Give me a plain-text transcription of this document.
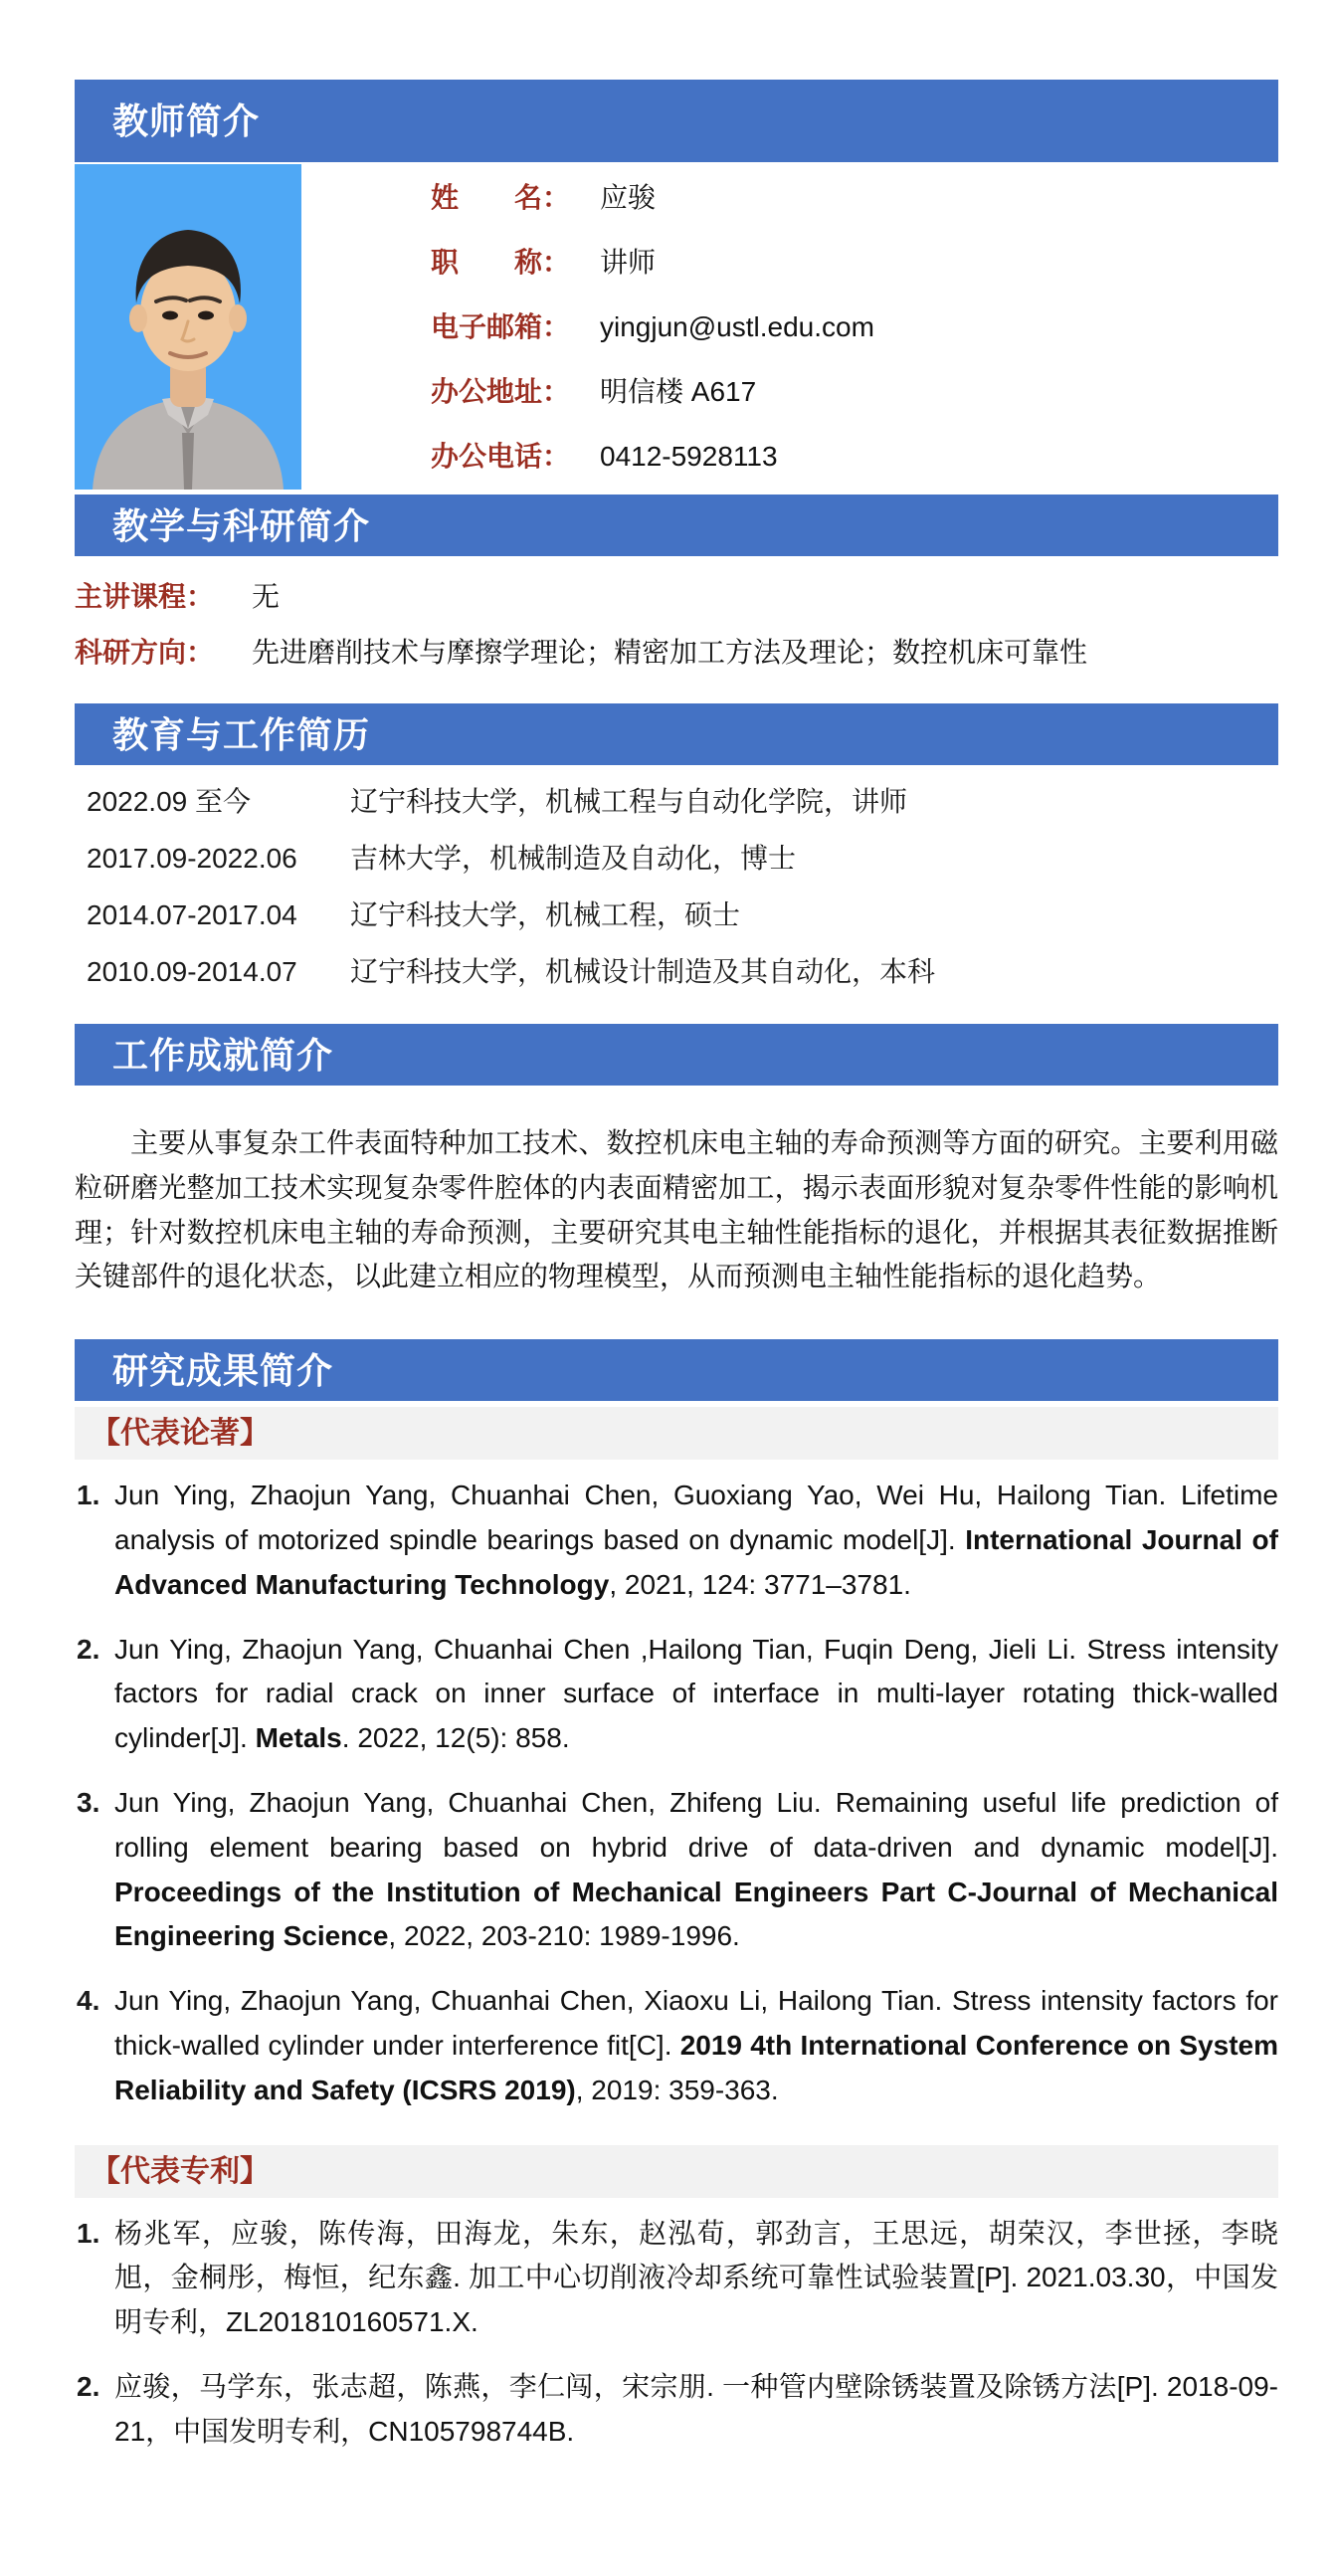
教师简介
姓　　名： 应骏
职　　称： 讲师
电子邮箱： yingjun@ustl.edu.com
办公地址： 明信楼 A617
办公电话： 0412-5928113
教学与科研简介
主讲课程：	无
科研方向：	先进磨削技术与摩擦学理论；精密加工方法及理论；数控机床可靠性
教育与工作简历
2022.09 至今	辽宁科技大学，机械工程与自动化学院，讲师
2017.09-2022.06	吉林大学，机械制造及自动化，博士
2014.07-2017.04	辽宁科技大学，机械工程，硕士
2010.09-2014.07	辽宁科技大学，机械设计制造及其自动化，本科
工作成就简介

主要从事复杂工件表面特种加工技术、数控机床电主轴的寿命预测等方面的研究。主要利用磁粒研磨光整加工技术实现复杂零件腔体的内表面精密加工，揭示表面形貌对复杂零件性能的影响机理；针对数控机床电主轴的寿命预测，主要研究其电主轴性能指标的退化，并根据其表征数据推断关键部件的退化状态，以此建立相应的物理模型，从而预测电主轴性能指标的退化趋势。

研究成果简介
【代表论著】
1. Jun Ying, Zhaojun Yang, Chuanhai Chen, Guoxiang Yao, Wei Hu, Hailong Tian. Lifetime analysis of motorized spindle bearings based on dynamic model[J]. International Journal of Advanced Manufacturing Technology, 2021, 124: 3771–3781.
2. Jun Ying, Zhaojun Yang, Chuanhai Chen ,Hailong Tian, Fuqin Deng, Jieli Li. Stress intensity factors for radial crack on inner surface of interface in multi-layer rotating thick-walled cylinder[J]. Metals. 2022, 12(5): 858.
3. Jun Ying, Zhaojun Yang, Chuanhai Chen, Zhifeng Liu. Remaining useful life prediction of rolling element bearing based on hybrid drive of data-driven and dynamic model[J]. Proceedings of the Institution of Mechanical Engineers Part C-Journal of Mechanical Engineering Science, 2022, 203-210: 1989-1996.
4. Jun Ying, Zhaojun Yang, Chuanhai Chen, Xiaoxu Li, Hailong Tian. Stress intensity factors for thick-walled cylinder under interference fit[C]. 2019 4th International Conference on System Reliability and Safety (ICSRS 2019), 2019: 359-363.
【代表专利】
1. 杨兆军，应骏，陈传海，田海龙，朱东，赵泓荀，郭劲言，王思远，胡荣汉，李世拯，李晓旭，金桐彤，梅恒，纪东鑫. 加工中心切削液冷却系统可靠性试验装置[P]. 2021.03.30，中国发明专利，ZL201810160571.X.
2. 应骏，马学东，张志超，陈燕，李仁闯，宋宗朋. 一种管内壁除锈装置及除锈方法[P]. 2018-09-21，中国发明专利，CN105798744B.
